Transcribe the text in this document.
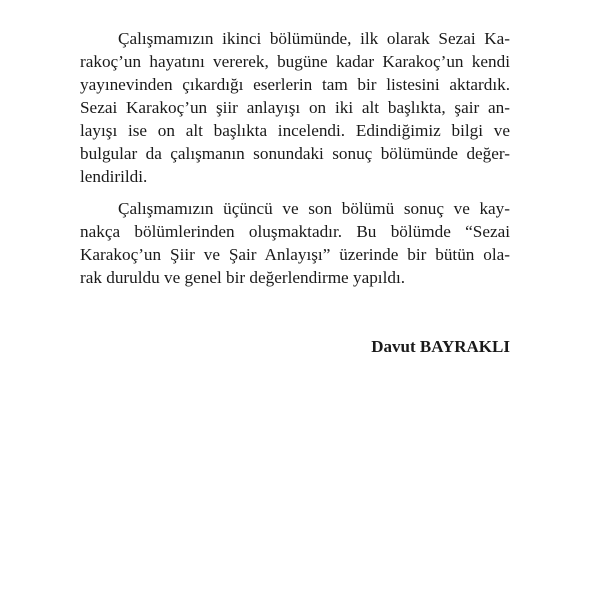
Çalışmamızın ikinci bölümünde, ilk olarak Sezai Ka-
rakoç’un hayatını vererek, bugüne kadar Karakoç’un kendi
yayınevinden çıkardığı eserlerin tam bir listesini aktardık.
Sezai Karakoç’un şiir anlayışı on iki alt başlıkta, şair an-
layışı ise on alt başlıkta incelendi. Edindiğimiz bilgi ve
bulgular da çalışmanın sonundaki sonuç bölümünde değer-
lendirildi.
Çalışmamızın üçüncü ve son bölümü sonuç ve kay-
nakça bölümlerinden oluşmaktadır. Bu bölümde “Sezai
Karakoç’un Şiir ve Şair Anlayışı” üzerinde bir bütün ola-
rak duruldu ve genel bir değerlendirme yapıldı.
Davut BAYRAKLI
